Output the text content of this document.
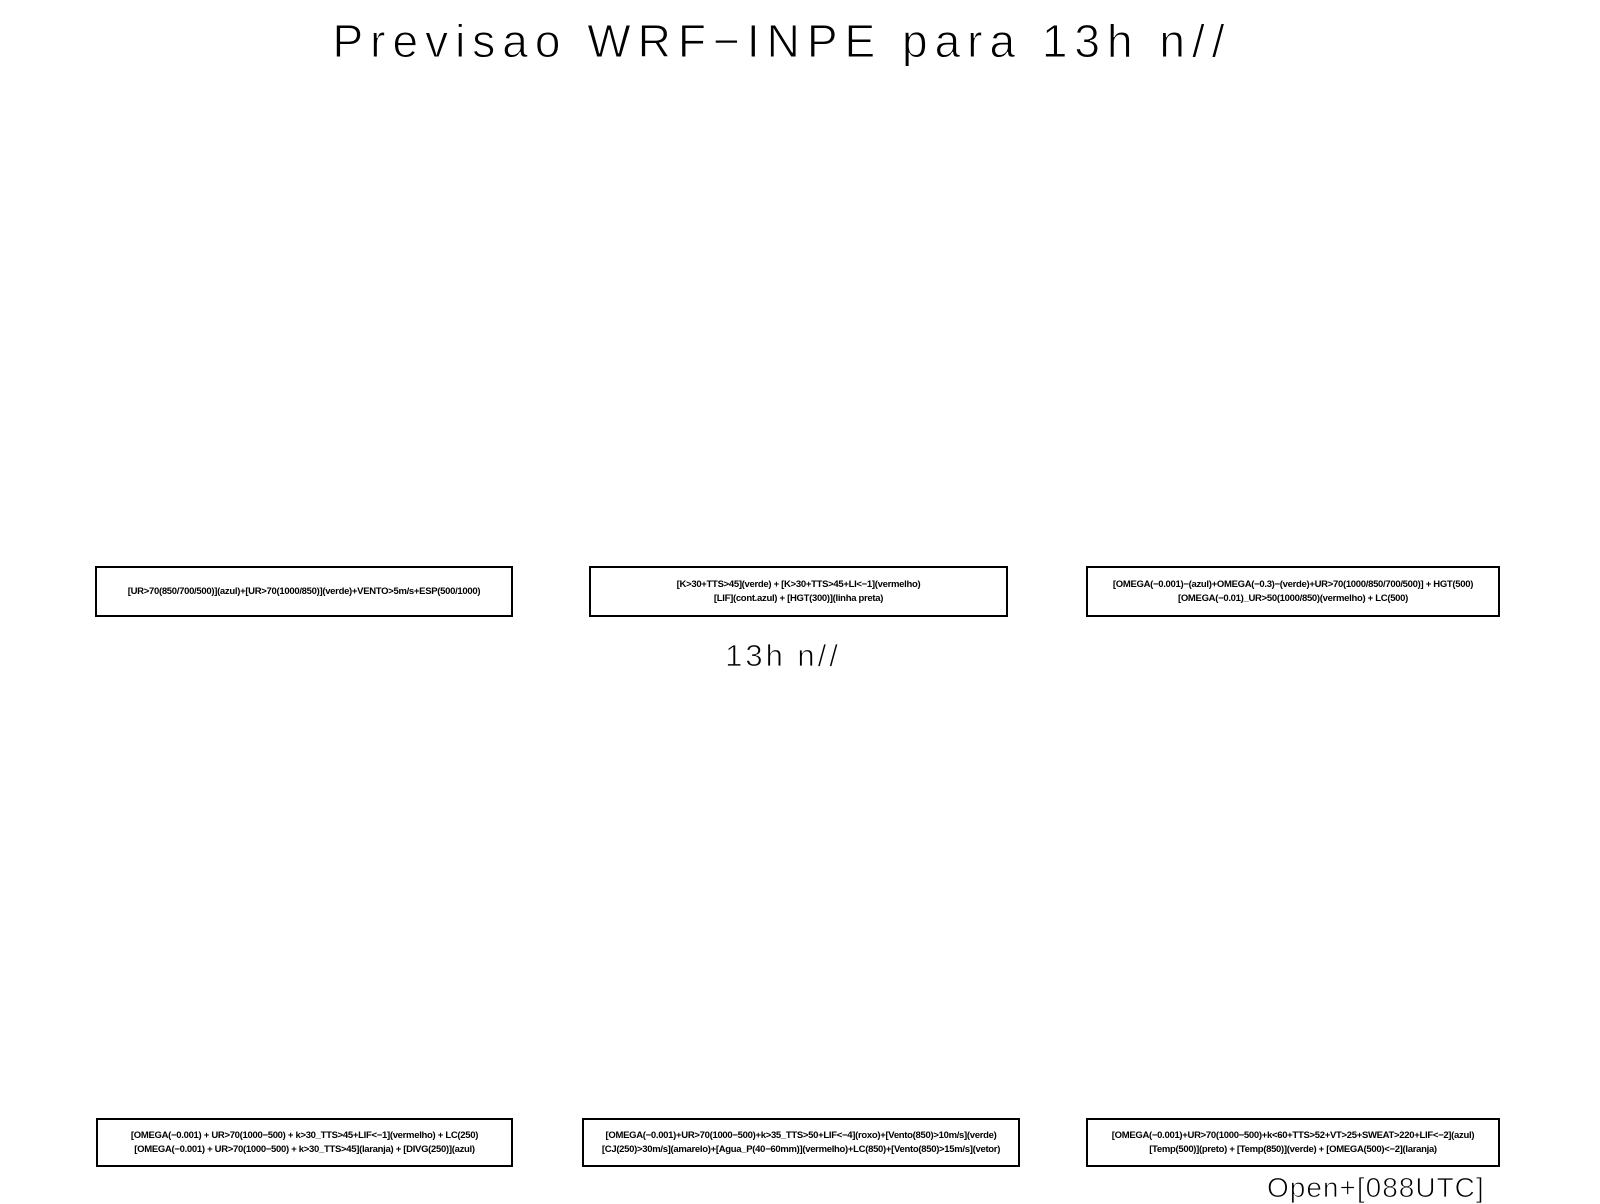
Previsao WRF−INPE para 13h n//
[UR>70(850/700/500)](azul)+[UR>70(1000/850)](verde)+VENTO>5m/s+ESP(500/1000)
[K>30+TTS>45](verde) + [K>30+TTS>45+LI<−1](vermelho)
[LIF](cont.azul) + [HGT(300)](linha preta)
[OMEGA(−0.001)−(azul)+OMEGA(−0.3)−(verde)+UR>70(1000/850/700/500)] + HGT(500)
[OMEGA(−0.01)_UR>50(1000/850)(vermelho) + LC(500)
13h n//
[OMEGA(−0.001) + UR>70(1000−500) + k>30_TTS>45+LIF<−1](vermelho) + LC(250)
[OMEGA(−0.001) + UR>70(1000−500) + k>30_TTS>45](laranja) + [DIVG(250)](azul)
[OMEGA(−0.001)+UR>70(1000−500)+k>35_TTS>50+LIF<−4](roxo)+[Vento(850)>10m/s](verde)
[CJ(250)>30m/s](amarelo)+[Agua_P(40−60mm)](vermelho)+LC(850)+[Vento(850)>15m/s](vetor)
[OMEGA(−0.001)+UR>70(1000−500)+k<60+TTS>52+VT>25+SWEAT>220+LIF<−2](azul)
[Temp(500)](preto) + [Temp(850)](verde) + [OMEGA(500)<−2](laranja)
Open+[088UTC]
